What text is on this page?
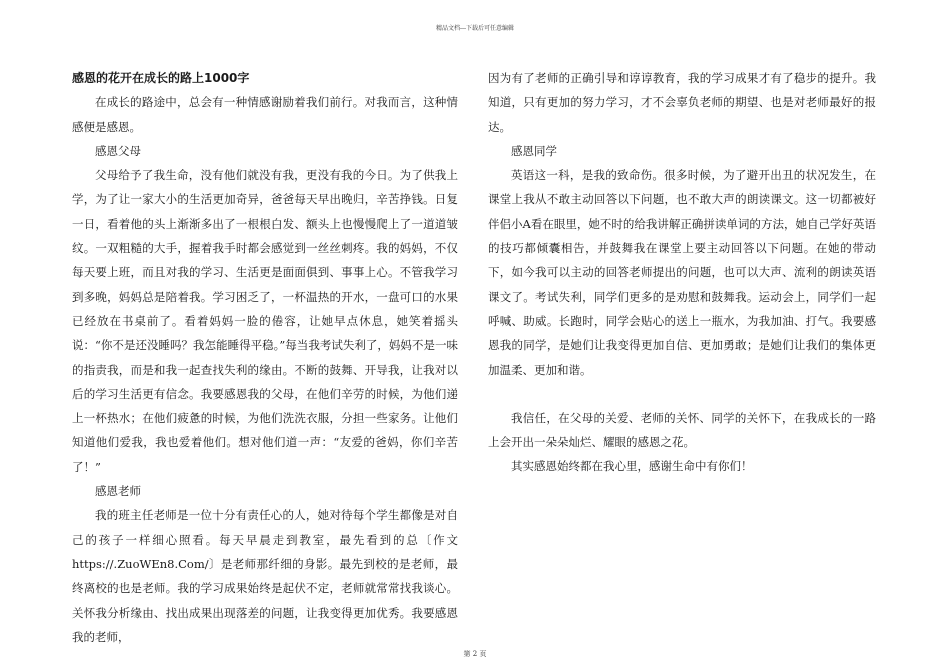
精品文档---下载后可任意编辑
感恩的花开在成长的路上1000字

在成长的路途中，总会有一种情感谢励着我们前行。对我而言，这种情感便是感恩。

感恩父母

父母给予了我生命，没有他们就没有我，更没有我的今日。为了供我上学，为了让一家大小的生活更加奇异，爸爸每天早出晚归，辛苦挣钱。日复一日，看着他的头上渐渐多出了一根根白发、额头上也慢慢爬上了一道道皱纹。一双粗糙的大手，握着我手时都会感觉到一丝丝刺疼。我的妈妈，不仅每天要上班，而且对我的学习、生活更是面面俱到、事事上心。不管我学习到多晚，妈妈总是陪着我。学习困乏了，一杯温热的开水，一盘可口的水果已经放在书桌前了。看着妈妈一脸的倦容，让她早点休息，她笑着摇头说：“你不是还没睡吗？我怎能睡得平稳。”每当我考试失利了，妈妈不是一味的指责我，而是和我一起查找失利的缘由。不断的鼓舞、开导我，让我对以后的学习生活更有信念。我要感恩我的父母，在他们辛劳的时候，为他们递上一杯热水；在他们疲惫的时候，为他们洗洗衣服，分担一些家务。让他们知道他们爱我，我也爱着他们。想对他们道一声：“友爱的爸妈，你们辛苦了！”

感恩老师

我的班主任老师是一位十分有责任心的人，她对待每个学生都像是对自己的孩子一样细心照看。每天早晨走到教室，最先看到的总〔作文https://.ZuoWEn8.Com/〕是老师那纤细的身影。最先到校的是老师，最终离校的也是老师。我的学习成果始终是起伏不定，老师就常常找我谈心。关怀我分析缘由、找出成果出现落差的问题，让我变得更加优秀。我要感恩我的老师，

因为有了老师的正确引导和谆谆教育，我的学习成果才有了稳步的提升。我知道，只有更加的努力学习，才不会辜负老师的期望、也是对老师最好的报达。

感恩同学

英语这一科，是我的致命伤。很多时候，为了避开出丑的状况发生，在课堂上我从不敢主动回答以下问题，也不敢大声的朗读课文。这一切都被好伴侣小A看在眼里，她不时的给我讲解正确拼读单词的方法，她自己学好英语的技巧都倾囊相告，并鼓舞我在课堂上要主动回答以下问题。在她的带动下，如今我可以主动的回答老师提出的问题，也可以大声、流利的朗读英语课文了。考试失利，同学们更多的是劝慰和鼓舞我。运动会上，同学们一起呼喊、助威。长跑时，同学会贴心的送上一瓶水，为我加油、打气。我要感恩我的同学，是她们让我变得更加自信、更加勇敢；是她们让我们的集体更加温柔、更加和谐。

我信任，在父母的关爱、老师的关怀、同学的关怀下，在我成长的一路上会开出一朵朵灿烂、耀眼的感恩之花。

其实感恩始终都在我心里，感谢生命中有你们！

第 2 页
